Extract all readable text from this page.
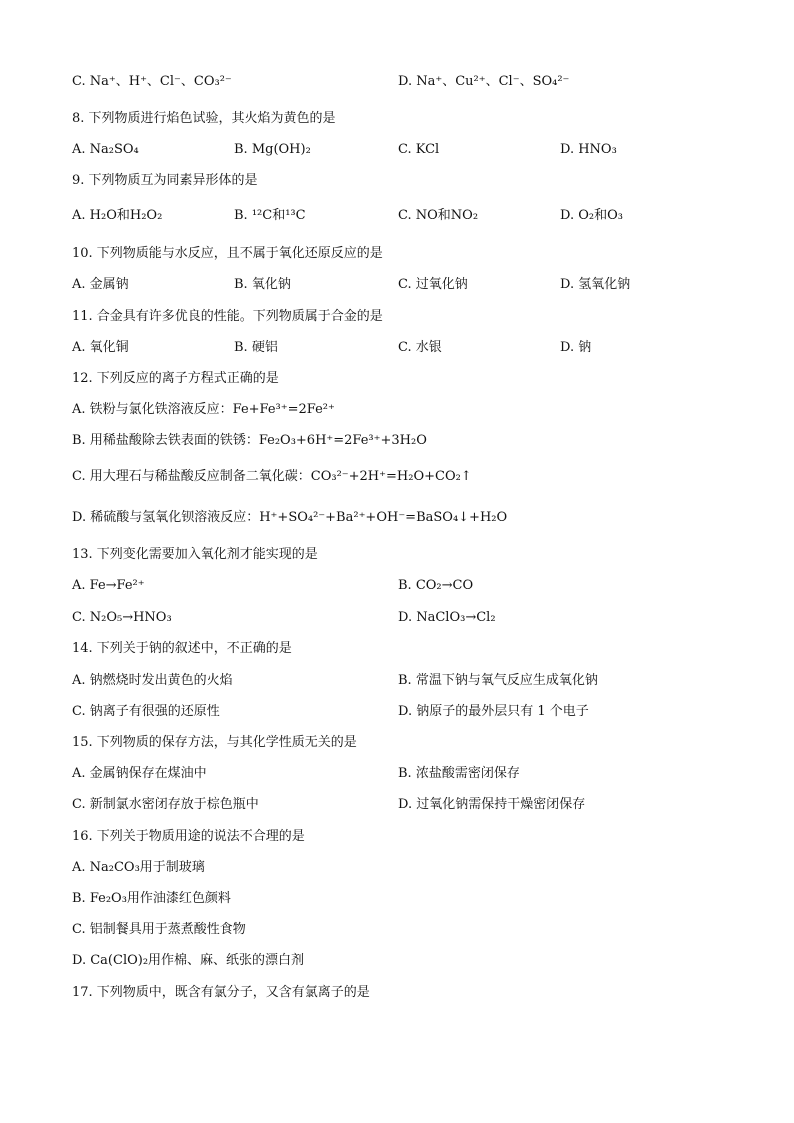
C. Na⁺、H⁺、Cl⁻、CO₃²⁻	D. Na⁺、Cu²⁺、Cl⁻、SO₄²⁻
8. 下列物质进行焰色试验，其火焰为黄色的是
A. Na₂SO₄	B. Mg(OH)₂	C. KCl	D. HNO₃
9. 下列物质互为同素异形体的是
A. H₂O和H₂O₂	B. ¹²C和¹³C	C. NO和NO₂	D. O₂和O₃
10. 下列物质能与水反应，且不属于氧化还原反应的是
A. 金属钠	B. 氧化钠	C. 过氧化钠	D. 氢氧化钠
11. 合金具有许多优良的性能。下列物质属于合金的是
A. 氧化铜	B. 硬铝	C. 水银	D. 钠
12. 下列反应的离子方程式正确的是
A. 铁粉与氯化铁溶液反应：Fe+Fe³⁺=2Fe²⁺
B. 用稀盐酸除去铁表面的铁锈：Fe₂O₃+6H⁺=2Fe³⁺+3H₂O
C. 用大理石与稀盐酸反应制备二氧化碳：CO₃²⁻+2H⁺=H₂O+CO₂↑
D. 稀硫酸与氢氧化钡溶液反应：H⁺+SO₄²⁻+Ba²⁺+OH⁻=BaSO₄↓+H₂O
13. 下列变化需要加入氧化剂才能实现的是
A. Fe→Fe²⁺	B. CO₂→CO
C. N₂O₅→HNO₃	D. NaClO₃→Cl₂
14. 下列关于钠的叙述中，不正确的是
A. 钠燃烧时发出黄色的火焰	B. 常温下钠与氧气反应生成氧化钠
C. 钠离子有很强的还原性	D. 钠原子的最外层只有 1 个电子
15. 下列物质的保存方法，与其化学性质无关的是
A. 金属钠保存在煤油中	B. 浓盐酸需密闭保存
C. 新制氯水密闭存放于棕色瓶中	D. 过氧化钠需保持干燥密闭保存
16. 下列关于物质用途的说法不合理的是
A. Na₂CO₃用于制玻璃
B. Fe₂O₃用作油漆红色颜料
C. 铝制餐具用于蒸煮酸性食物
D. Ca(ClO)₂用作棉、麻、纸张的漂白剂
17. 下列物质中，既含有氯分子，又含有氯离子的是
